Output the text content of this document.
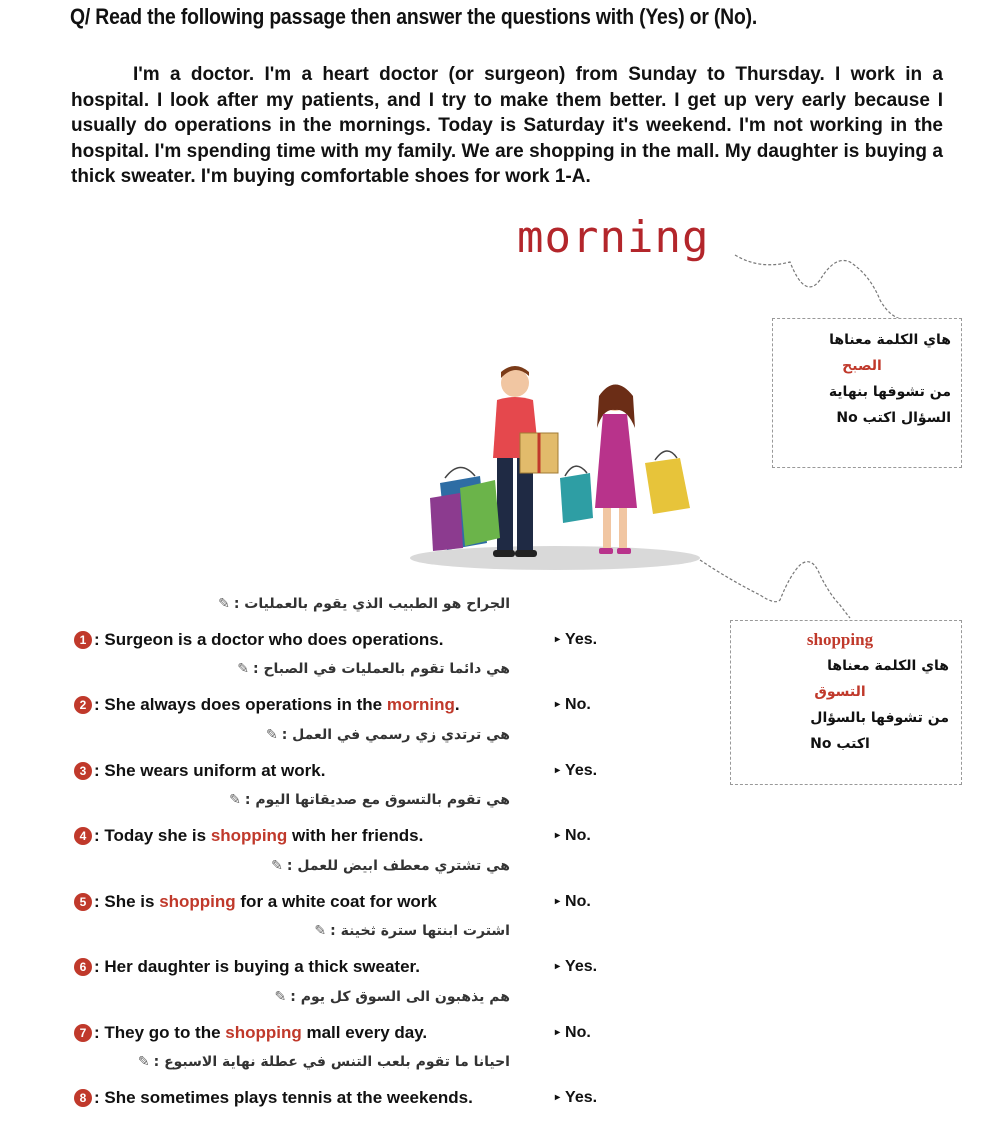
Q/ Read the following passage then answer the questions with (Yes) or (No).
I'm a doctor. I'm a heart doctor (or surgeon) from Sunday to Thursday. I work in a hospital. I look after my patients, and I try to make them better. I get up very early because I usually do operations in the mornings. Today is Saturday it's weekend. I'm not working in the hospital. I'm spending time with my family. We are shopping in the mall. My daughter is buying a thick sweater. I'm buying comfortable shoes for work 1-A.
morning
هاي الكلمة معناها
الصبح
من تشوفها بنهاية
السؤال اكتب No
shopping
هاي الكلمة معناها
التسوق
من تشوفها بالسؤال
اكتب No
الجراح هو الطبيب الذي يقوم بالعمليات :✎
1 : Surgeon is a doctor who does operations.	▸ Yes.
هي دائما تقوم بالعمليات في الصباح :✎
2 : She always does operations in the morning .	▸ No.
هي ترتدي زي رسمي في العمل :✎
3 : She wears uniform at work.	▸ Yes.
هي تقوم بالتسوق مع صديقاتها اليوم :✎
4 : Today she is shopping with her friends.	▸ No.
هي تشتري معطف ابيض للعمل :✎
5 : She is shopping for a white coat for work	▸ No.
اشترت ابنتها سترة ثخينة :✎
6 : Her daughter is buying a thick sweater.	▸ Yes.
هم يذهبون الى السوق كل يوم :✎
7 : They go to the shopping mall every day.	▸ No.
احيانا ما تقوم بلعب التنس في عطلة نهاية الاسبوع :✎
8 : She sometimes plays tennis at the weekends.	▸ Yes.
